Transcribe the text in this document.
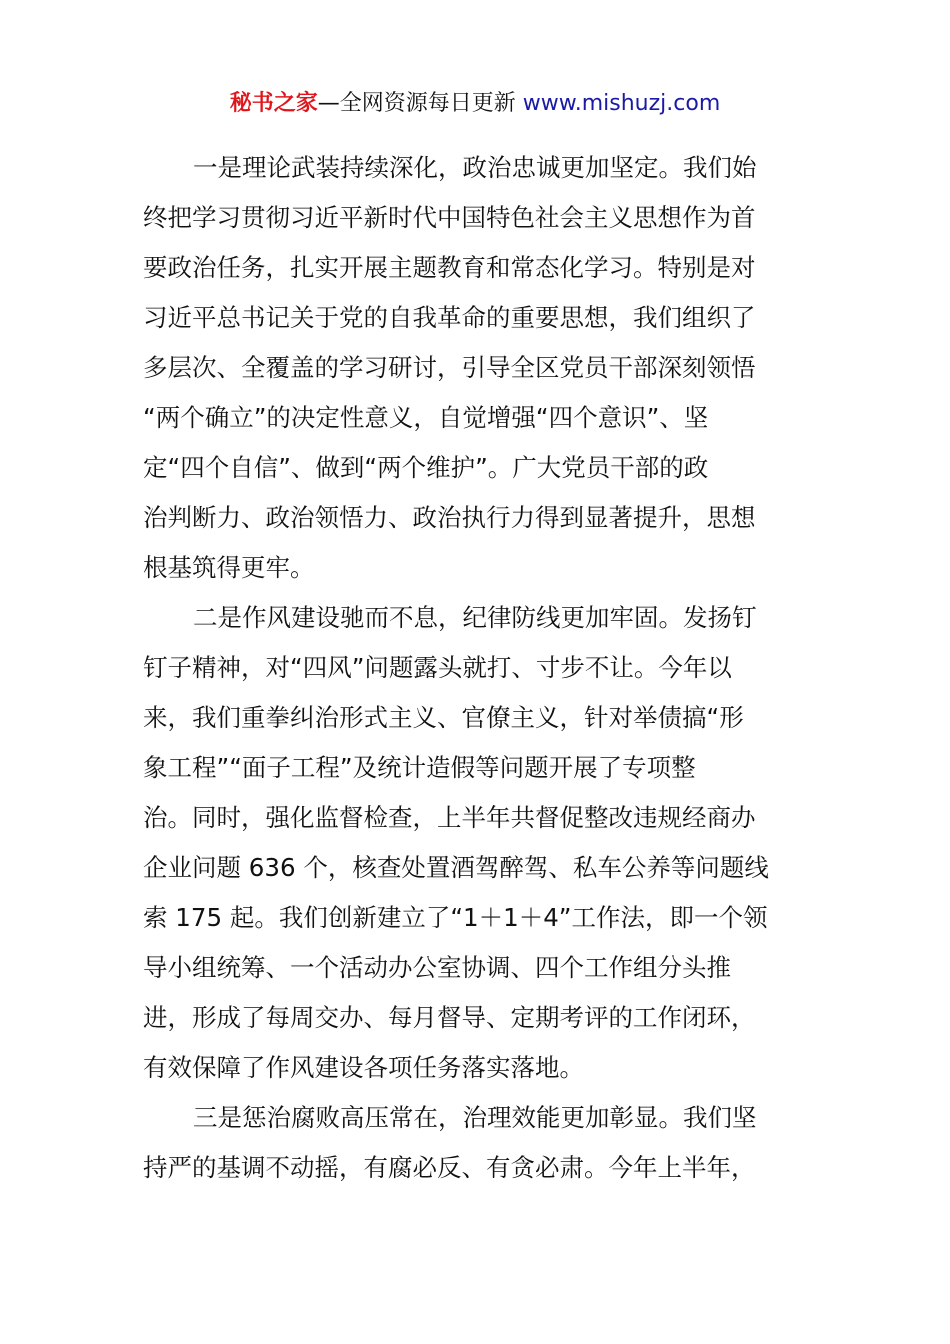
秘书之家—全网资源每日更新 www.mishuzj.com
一是理论武装持续深化，政治忠诚更加坚定。我们始
终把学习贯彻习近平新时代中国特色社会主义思想作为首
要政治任务，扎实开展主题教育和常态化学习。特别是对
习近平总书记关于党的自我革命的重要思想，我们组织了
多层次、全覆盖的学习研讨，引导全区党员干部深刻领悟
“两个确立”的决定性意义，自觉增强“四个意识”、坚
定“四个自信”、做到“两个维护”。广大党员干部的政
治判断力、政治领悟力、政治执行力得到显著提升，思想
根基筑得更牢。
二是作风建设驰而不息，纪律防线更加牢固。发扬钉
钉子精神，对“四风”问题露头就打、寸步不让。今年以
来，我们重拳纠治形式主义、官僚主义，针对举债搞“形
象工程”“面子工程”及统计造假等问题开展了专项整
治。同时，强化监督检查，上半年共督促整改违规经商办
企业问题 636 个，核查处置酒驾醉驾、私车公养等问题线
索 175 起。我们创新建立了“1＋1＋4”工作法，即一个领
导小组统筹、一个活动办公室协调、四个工作组分头推
进，形成了每周交办、每月督导、定期考评的工作闭环，
有效保障了作风建设各项任务落实落地。
三是惩治腐败高压常在，治理效能更加彰显。我们坚
持严的基调不动摇，有腐必反、有贪必肃。今年上半年，
